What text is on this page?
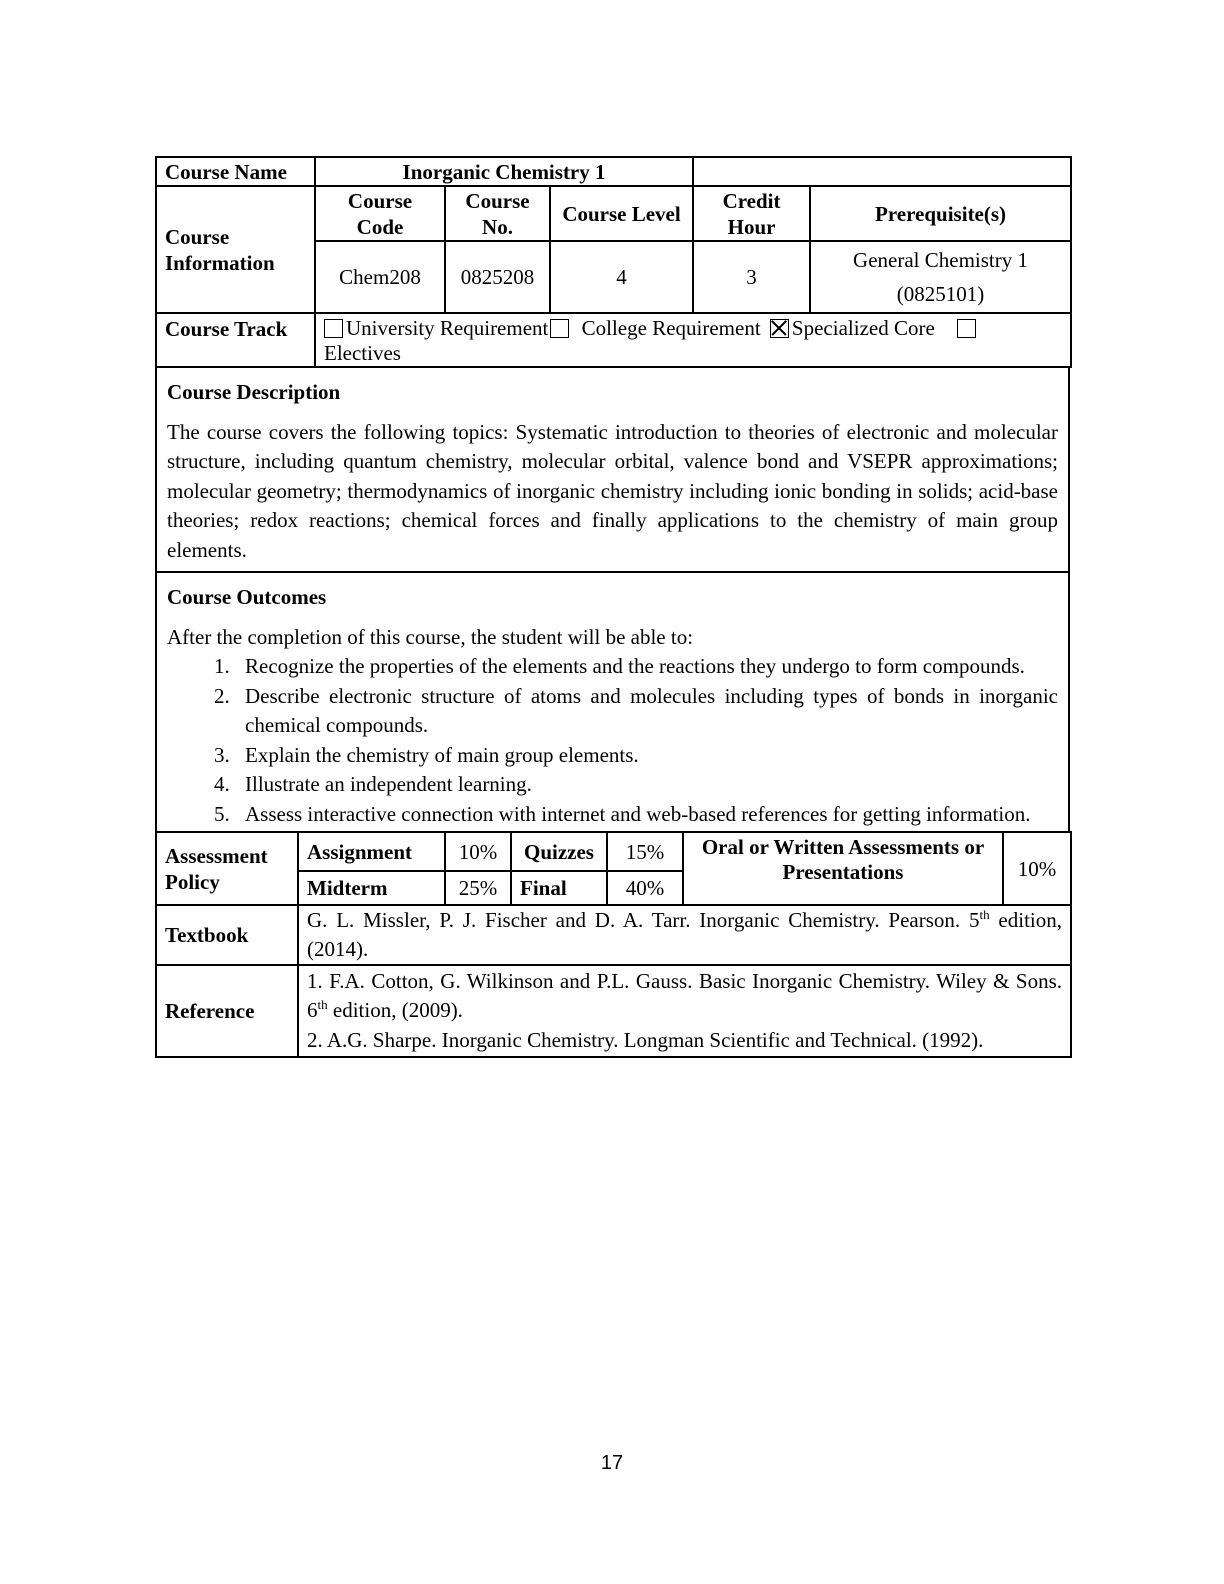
Course Name	Inorganic Chemistry 1				
Course Information	Course Code	Course No.	Course Level	Credit Hour	Prerequisite(s)
	Chem208	0825208	4	3	General Chemistry 1
(0825101)

Course Track	University Requirement College Requirement Specialized Core
Electives				
Course Description
The course covers the following topics: Systematic introduction to theories of electronic and molecular structure, including quantum chemistry, molecular orbital, valence bond and VSEPR approximations; molecular geometry; thermodynamics of inorganic chemistry including ionic bonding in solids; acid-base theories; redox reactions; chemical forces and finally applications to the chemistry of main group elements.

Course Outcomes
After the completion of this course, the student will be able to:
1. Recognize the properties of the elements and the reactions they undergo to form compounds.
2. Describe electronic structure of atoms and molecules including types of bonds in inorganic chemical compounds.
3. Explain the chemistry of main group elements.
4. Illustrate an independent learning.
5. Assess interactive connection with internet and web-based references for getting information.
Assessment Policy	Assignment	10%	Quizzes	15%	Oral or Written Assessments or Presentations	10%
	Midterm	25%	Final	40%		
Textbook	G. L. Missler, P. J. Fischer and D. A. Tarr. Inorganic Chemistry. Pearson. 5th edition, (2014).					
Reference	1. F.A. Cotton, G. Wilkinson and P.L. Gauss. Basic Inorganic Chemistry. Wiley & Sons. 6th edition, (2009).
2. A.G. Sharpe. Inorganic Chemistry. Longman Scientific and Technical. (1992).					
17
